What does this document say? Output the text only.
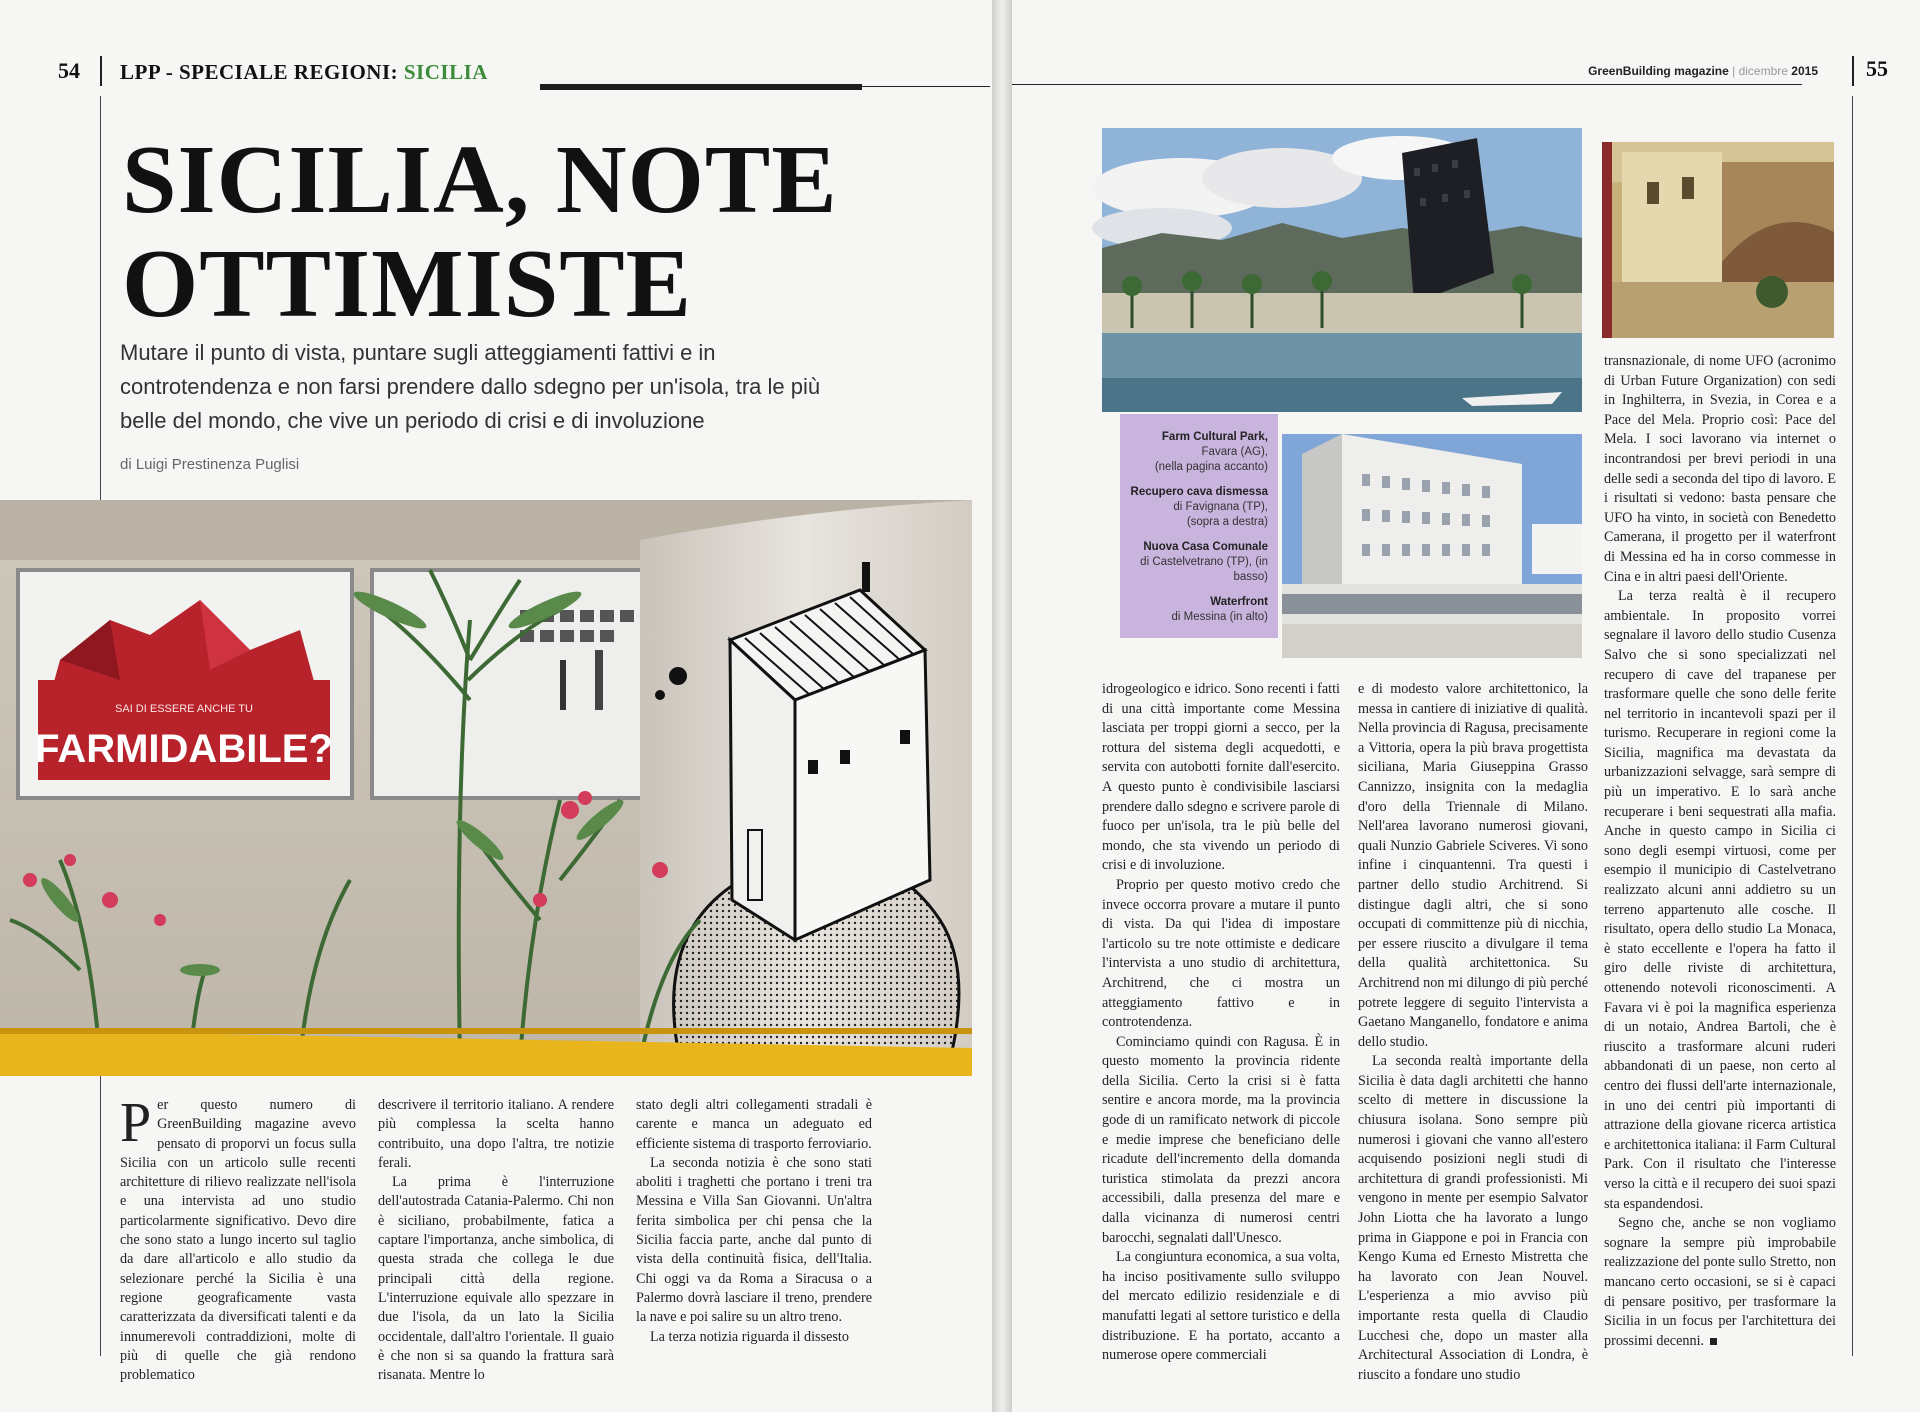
54 LPP - SPECIALE REGIONI: SICILIA
SICILIA, NOTE
OTTIMISTE
Mutare il punto di vista, puntare sugli atteggiamenti fattivi e in controtendenza e non farsi prendere dallo sdegno per un'isola, tra le più belle del mondo, che vive un periodo di crisi e di involuzione
di Luigi Prestinenza Puglisi
SAI DI ESSERE ANCHE TU
FARMIDABILE?

Per questo numero di GreenBuilding magazine avevo pensato di proporvi un focus sulla Sicilia con un articolo sulle recenti architetture di rilievo realizzate nell'isola e una intervista ad uno studio particolarmente significativo. Devo dire che sono stato a lungo incerto sul taglio da dare all'articolo e allo studio da selezionare perché la Sicilia è una regione geograficamente vasta caratterizzata da diversificati talenti e da innumerevoli contraddizioni, molte di più di quelle che già rendono problematico

descrivere il territorio italiano. A rendere più complessa la scelta hanno contribuito, una dopo l'altra, tre notizie ferali.

La prima è l'interruzione dell'autostrada Catania-Palermo. Chi non è siciliano, probabilmente, fatica a captare l'importanza, anche simbolica, di questa strada che collega le due principali città della regione. L'interruzione equivale allo spezzare in due l'isola, da un lato la Sicilia occidentale, dall'altro l'orientale. Il guaio è che non si sa quando la frattura sarà risanata. Mentre lo

stato degli altri collegamenti stradali è carente e manca un adeguato ed efficiente sistema di trasporto ferroviario.

La seconda notizia è che sono stati aboliti i traghetti che portano i treni tra Messina e Villa San Giovanni. Un'altra ferita simbolica per chi pensa che la Sicilia faccia parte, anche dal punto di vista della continuità fisica, dell'Italia. Chi oggi va da Roma a Siracusa o a Palermo dovrà lasciare il treno, prendere la nave e poi salire su un altro treno.

La terza notizia riguarda il dissesto

GreenBuilding magazine | dicembre 2015 55
Farm Cultural Park,
Favara (AG),
(nella pagina accanto)
Recupero cava dismessa
di Favignana (TP),
(sopra a destra)
Nuova Casa Comunale
di Castelvetrano (TP), (in basso)
Waterfront
di Messina (in alto)

idrogeologico e idrico. Sono recenti i fatti di una città importante come Messina lasciata per troppi giorni a secco, per la rottura del sistema degli acquedotti, e servita con autobotti fornite dall'esercito. A questo punto è condivisibile lasciarsi prendere dallo sdegno e scrivere parole di fuoco per un'isola, tra le più belle del mondo, che sta vivendo un periodo di crisi e di involuzione.

Proprio per questo motivo credo che invece occorra provare a mutare il punto di vista. Da qui l'idea di impostare l'articolo su tre note ottimiste e dedicare l'intervista a uno studio di architettura, Architrend, che ci mostra un atteggiamento fattivo e in controtendenza.

Cominciamo quindi con Ragusa. È in questo momento la provincia ridente della Sicilia. Certo la crisi si è fatta sentire e ancora morde, ma la provincia gode di un ramificato network di piccole e medie imprese che beneficiano delle ricadute dell'incremento della domanda turistica stimolata da prezzi ancora accessibili, dalla presenza del mare e dalla vicinanza di numerosi centri barocchi, segnalati dall'Unesco.

La congiuntura economica, a sua volta, ha inciso positivamente sullo sviluppo del mercato edilizio residenziale e di manufatti legati al settore turistico e della distribuzione. E ha portato, accanto a numerose opere commerciali

e di modesto valore architettonico, la messa in cantiere di iniziative di qualità. Nella provincia di Ragusa, precisamente a Vittoria, opera la più brava progettista siciliana, Maria Giuseppina Grasso Cannizzo, insignita con la medaglia d'oro della Triennale di Milano. Nell'area lavorano numerosi giovani, quali Nunzio Gabriele Sciveres. Vi sono infine i cinquantenni. Tra questi i partner dello studio Architrend. Si distingue dagli altri, che si sono occupati di committenze più di nicchia, per essere riuscito a divulgare il tema della qualità architettonica. Su Architrend non mi dilungo di più perché potrete leggere di seguito l'intervista a Gaetano Manganello, fondatore e anima dello studio.

La seconda realtà importante della Sicilia è data dagli architetti che hanno scelto di mettere in discussione la chiusura isolana. Sono sempre più numerosi i giovani che vanno all'estero acquisendo posizioni negli studi di architettura di grandi professionisti. Mi vengono in mente per esempio Salvator John Liotta che ha lavorato a lungo prima in Giappone e poi in Francia con Kengo Kuma ed Ernesto Mistretta che ha lavorato con Jean Nouvel. L'esperienza a mio avviso più importante resta quella di Claudio Lucchesi che, dopo un master alla Architectural Association di Londra, è riuscito a fondare uno studio

transnazionale, di nome UFO (acronimo di Urban Future Organization) con sedi in Inghilterra, in Svezia, in Corea e a Pace del Mela. Proprio così: Pace del Mela. I soci lavorano via internet o incontrandosi per brevi periodi in una delle sedi a seconda del tipo di lavoro. E i risultati si vedono: basta pensare che UFO ha vinto, in società con Benedetto Camerana, il progetto per il waterfront di Messina ed ha in corso commesse in Cina e in altri paesi dell'Oriente.

La terza realtà è il recupero ambientale. In proposito vorrei segnalare il lavoro dello studio Cusenza Salvo che si sono specializzati nel recupero di cave del trapanese per trasformare quelle che sono delle ferite nel territorio in incantevoli spazi per il turismo. Recuperare in regioni come la Sicilia, magnifica ma devastata da urbanizzazioni selvagge, sarà sempre di più un imperativo. E lo sarà anche recuperare i beni sequestrati alla mafia. Anche in questo campo in Sicilia ci sono degli esempi virtuosi, come per esempio il municipio di Castelvetrano realizzato alcuni anni addietro su un terreno appartenuto alle cosche. Il risultato, opera dello studio La Monaca, è stato eccellente e l'opera ha fatto il giro delle riviste di architettura, ottenendo notevoli riconoscimenti. A Favara vi è poi la magnifica esperienza di un notaio, Andrea Bartoli, che è riuscito a trasformare alcuni ruderi abbandonati di un paese, non certo al centro dei flussi dell'arte internazionale, in uno dei centri più importanti di attrazione della giovane ricerca artistica e architettonica italiana: il Farm Cultural Park. Con il risultato che l'interesse verso la città e il recupero dei suoi spazi sta espandendosi.

Segno che, anche se non vogliamo sognare la sempre più improbabile realizzazione del ponte sullo Stretto, non mancano certo occasioni, se si è capaci di pensare positivo, per trasformare la Sicilia in un focus per l'architettura dei prossimi decenni.
